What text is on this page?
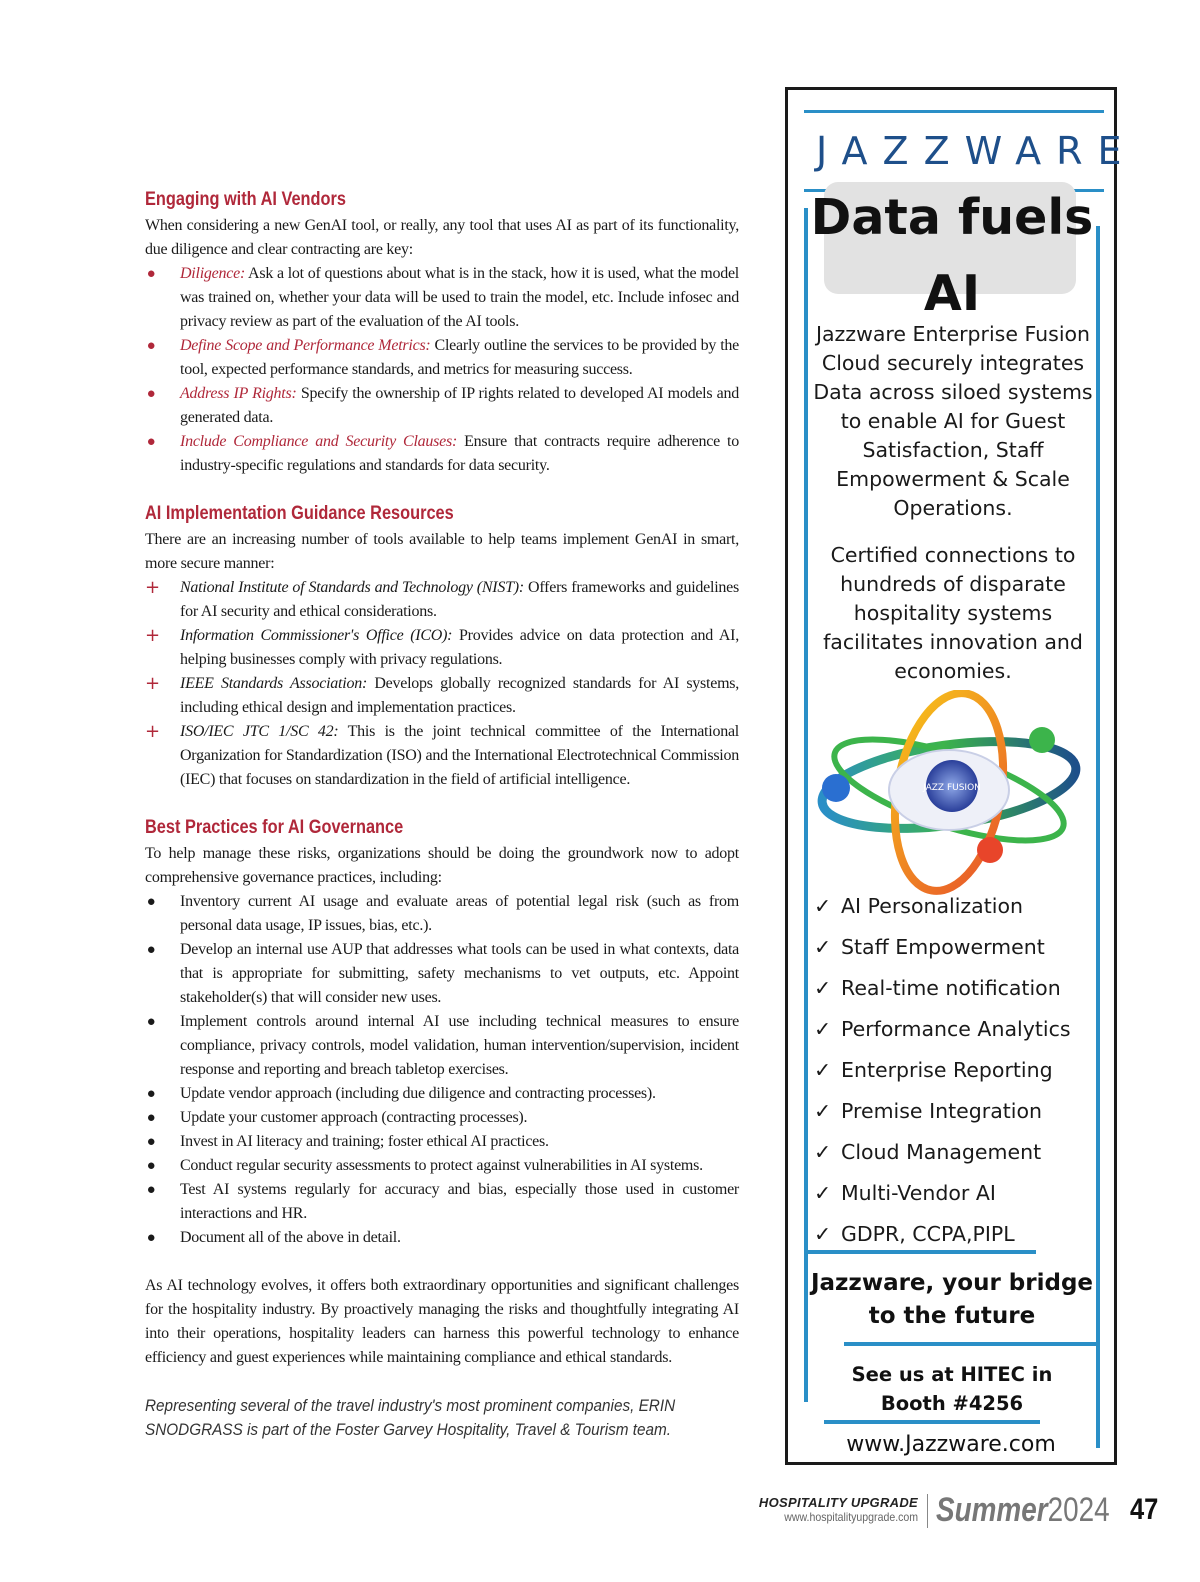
Engaging with AI Vendors

When considering a new GenAI tool, or really, any tool that uses AI as part of its functionality, due diligence and clear contracting are key:

● Diligence: Ask a lot of questions about what is in the stack, how it is used, what the model was trained on, whether your data will be used to train the model, etc. Include infosec and privacy review as part of the evaluation of the AI tools.
● Define Scope and Performance Metrics: Clearly outline the services to be provided by the tool, expected performance standards, and metrics for measuring success.
● Address IP Rights: Specify the ownership of IP rights related to developed AI models and generated data.
● Include Compliance and Security Clauses: Ensure that contracts require adherence to industry-specific regulations and standards for data security.
AI Implementation Guidance Resources

There are an increasing number of tools available to help teams implement GenAI in smart, more secure manner:

+ National Institute of Standards and Technology (NIST): Offers frameworks and guidelines for AI security and ethical considerations.
+ Information Commissioner's Office (ICO): Provides advice on data protection and AI, helping businesses comply with privacy regulations.
+ IEEE Standards Association: Develops globally recognized standards for AI systems, including ethical design and implementation practices.
+ ISO/IEC JTC 1/SC 42: This is the joint technical committee of the International Organization for Standardization (ISO) and the International Electrotechnical Commission (IEC) that focuses on standardization in the field of artificial intelligence.
Best Practices for AI Governance

To help manage these risks, organizations should be doing the groundwork now to adopt comprehensive governance practices, including:

● Inventory current AI usage and evaluate areas of potential legal risk (such as from personal data usage, IP issues, bias, etc.).
● Develop an internal use AUP that addresses what tools can be used in what contexts, data that is appropriate for submitting, safety mechanisms to vet outputs, etc. Appoint stakeholder(s) that will consider new uses.
● Implement controls around internal AI use including technical measures to ensure compliance, privacy controls, model validation, human intervention/supervision, incident response and reporting and breach tabletop exercises.
● Update vendor approach (including due diligence and contracting processes).
● Update your customer approach (contracting processes).
● Invest in AI literacy and training; foster ethical AI practices.
● Conduct regular security assessments to protect against vulnerabilities in AI systems.
● Test AI systems regularly for accuracy and bias, especially those used in customer interactions and HR.
● Document all of the above in detail.

As AI technology evolves, it offers both extraordinary opportunities and significant challenges for the hospitality industry. By proactively managing the risks and thoughtfully integrating AI into their operations, hospitality leaders can harness this powerful technology to enhance efficiency and guest experiences while maintaining compliance and ethical standards.

Representing several of the travel industry's most prominent companies, ERIN SNODGRASS is part of the Foster Garvey Hospitality, Travel & Tourism team.

JAZZWARE
Data fuels
AI

Jazzware Enterprise Fusion Cloud securely integrates Data across siloed systems to enable AI for Guest Satisfaction, Staff Empowerment & Scale Operations.

Certified connections to hundreds of disparate hospitality systems facilitates innovation and economies.

JAZZ FUSION
✓ AI Personalization
✓ Staff Empowerment
✓ Real-time notification
✓ Performance Analytics
✓ Enterprise Reporting
✓ Premise Integration
✓ Cloud Management
✓ Multi-Vendor AI
✓ GDPR, CCPA,PIPL
Jazzware, your bridge
to the future
See us at HITEC in
Booth #4256
www.Jazzware.com
HOSPITALITY UPGRADE
www.hospitalityupgrade.com Summer2024 47
